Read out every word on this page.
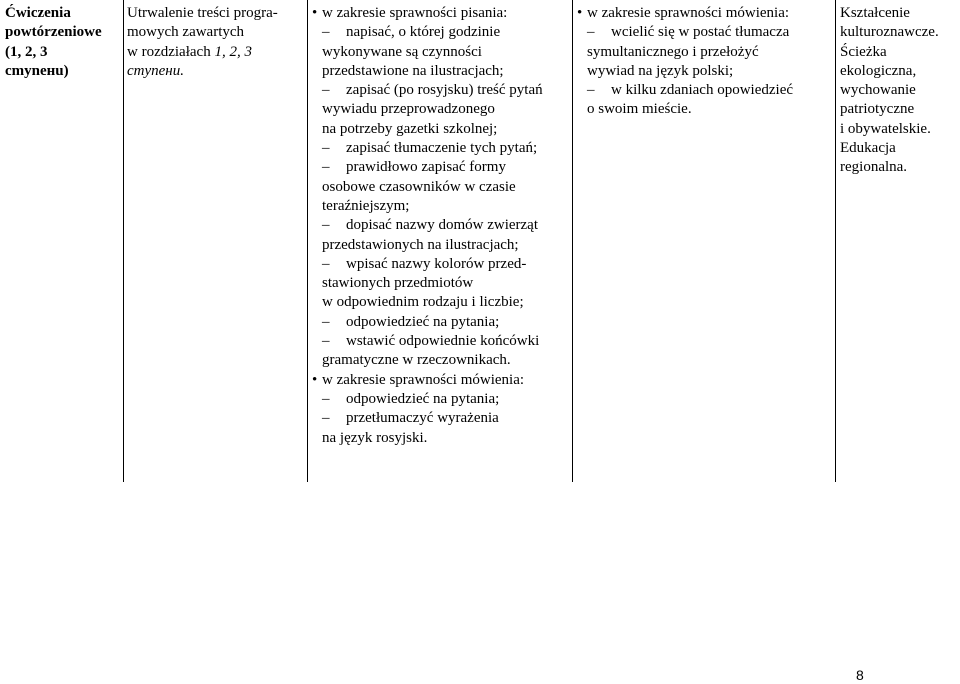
Ćwiczenia
powtórzeniowe
(1, 2, 3
cmyneнu)
Utrwalenie treści progra-
mowych zawartych
w rozdziałach 1, 2, 3
cmyneнu.
• w zakresie sprawności pisania:
– napisać, o której godzinie
wykonywane są czynności
przedstawione na ilustracjach;
– zapisać (po rosyjsku) treść pytań
wywiadu przeprowadzonego
na potrzeby gazetki szkolnej;
– zapisać tłumaczenie tych pytań;
– prawidłowo zapisać formy
osobowe czasowników w czasie
teraźniejszym;
– dopisać nazwy domów zwierząt
przedstawionych na ilustracjach;
– wpisać nazwy kolorów przed-
stawionych przedmiotów
w odpowiednim rodzaju i liczbie;
– odpowiedzieć na pytania;
– wstawić odpowiednie końcówki
gramatyczne w rzeczownikach.
• w zakresie sprawności mówienia:
– odpowiedzieć na pytania;
– przetłumaczyć wyrażenia
na język rosyjski.
• w zakresie sprawności mówienia:
– wcielić się w postać tłumacza
symultanicznego i przełożyć
wywiad na język polski;
– w kilku zdaniach opowiedzieć
o swoim mieście.
Kształcenie
kulturoznawcze.
Ścieżka
ekologiczna,
wychowanie
patriotyczne
i obywatelskie.
Edukacja
regionalna.
8
